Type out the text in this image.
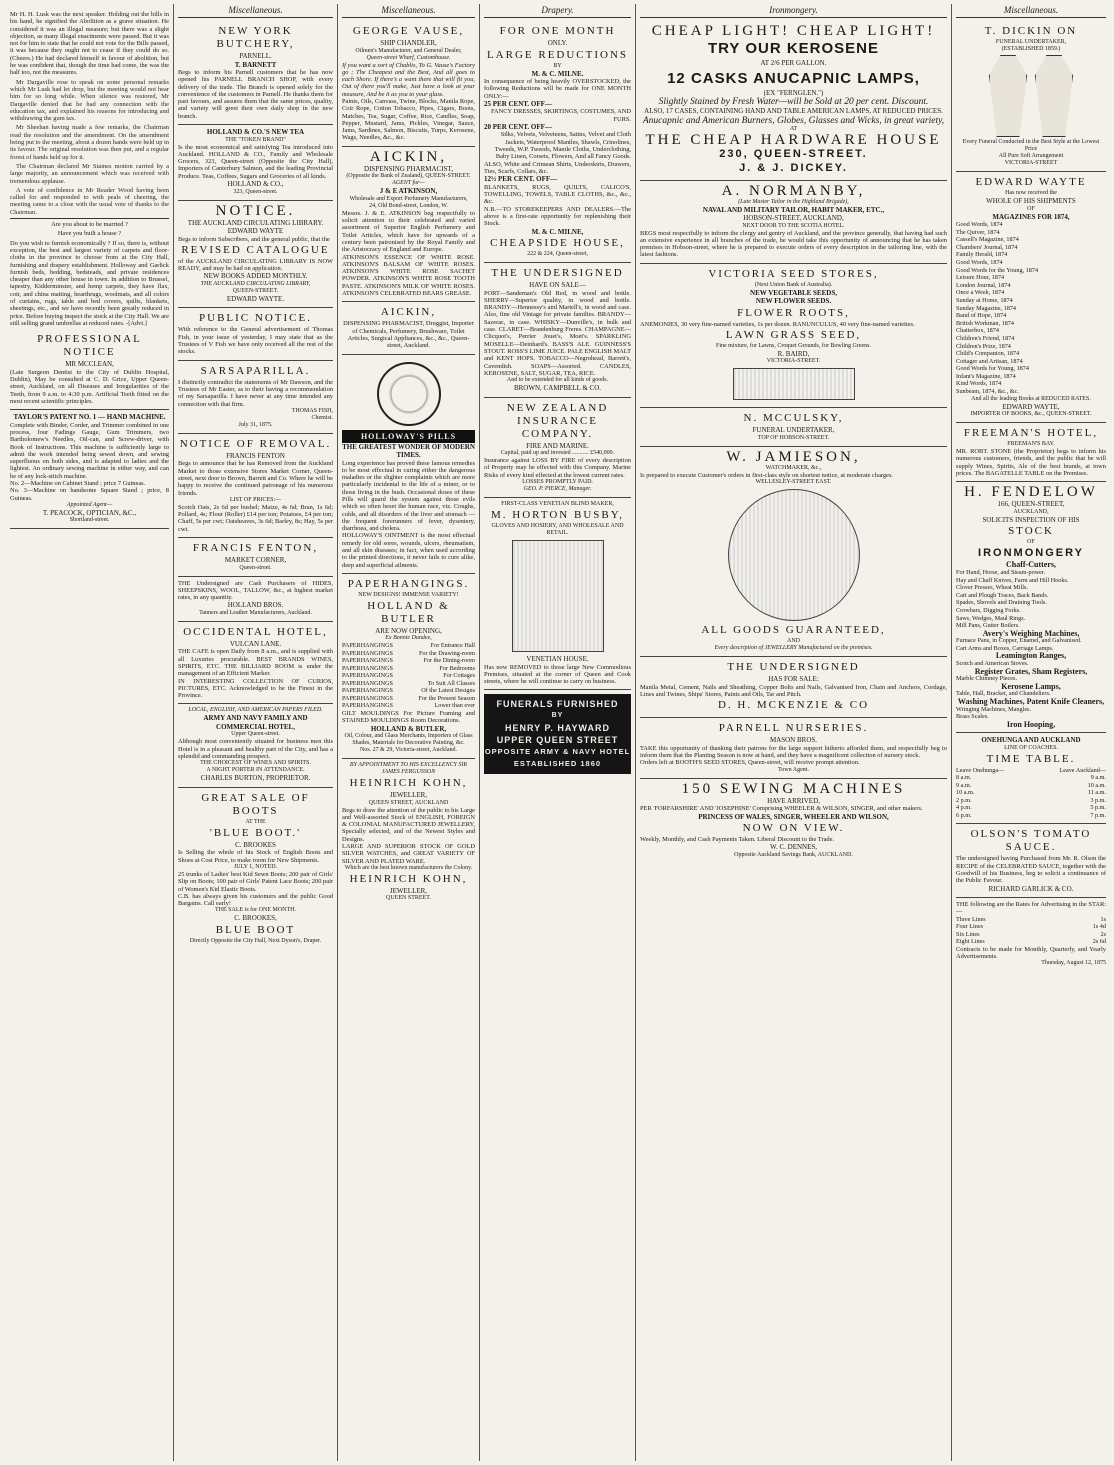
Mr H. H. Lusk was the next speaker. Holding out the bills in his hand, he signified the Abolition as a grave situation. He considered it was an illegal measure; but there was a slight objection, as many illegal enactments were passed. But it was not for him to state that he could not vote for the Bills passed, it was because they ought not to cease if they could do so. (Cheers.) He had declared himself in favour of abolition, but he was confident that, though the time had come, the was the half too, not the measures.

Mr Dargaville rose to speak on some personal remarks which Mr Lusk had let drop, but the meeting would not hear him for so long while. When silence was restored, Mr Dargaville denied that he had any connection with the education tax, and explained his reasons for introducing and withdrawing the gum tax.

Mr Sheehan having made a few remarks, the Chairman read the resolution and the amendment. On the amendment being put to the meeting, about a dozen hands were held up in its favour. The original resolution was then put, and a regular forest of hands held up for it.

The Chairman declared Mr Staines motion carried by a large majority, an announcement which was received with tremendous applause.

A vote of confidence in Mr Reader Wood having been called for and responded to with peals of cheering, the meeting came to a close with the usual vote of thanks to the Chairman.

Are you about to be married ?

Have you built a house ?

Do you wish to furnish economically ? If so, there is, without exception, the best and largest variety of carpets and floor-cloths in the province to choose from at the City Hall, furnishing and drapery establishment. Holloway and Garlick furnish beds, bedding, bedsteads, and private residences cheaper than any other house in town. In addition to Brussel, tapestry, Kidderminster, and hemp carpets, they have flax, coir, and china matting, hearthrugs, woolmats, and all colors of curtains, rugs, table and bed covers, quilts, blankets, sheetings, etc., and we have recently been greatly reduced in price. Before buying inspect the stock at the City Hall. We are still selling grand umbrellas at reduced rates. -[Advt.]

PROFESSIONAL NOTICE
MR MCCLEAN,
(Late Surgeon Dentist to the City of Dublin Hospital, Dublin), May be consulted at C. D. Grice, Upper Queen-street, Auckland, on all Diseases and Irregularities of the Teeth, from 9 a.m. to 4:30 p.m. Artificial Teeth fitted on the most recent scientific principles.
TAYLOR'S PATENT NO. 1 — HAND MACHINE.
Complete with Binder, Corder, and Trimmer combined in one process, four Fadings Gauge, Gum Trimmers, two Bartholomew's Needles, Oil-can, and Screw-driver, with Book of Instructions. This machine is sufficiently large to admit the work intended being sewed down, and sewing superfluous on both sides, and is adapted to ladies and the lightest. An ordinary sewing machine in either way, and can be of any lock-stitch machine.
No. 2—Machine on Cabinet Stand ; price 7 Guineas.
No. 3—Machine on handsome Square Stand ; price, 8 Guineas.
Appointed Agent—
T. PEACOCK, OPTICIAN, &C.,
Shortland-street.
Miscellaneous.
NEW YORK BUTCHERY,
PARNELL.
T. BARNETT
Begs to inform his Parnell customers that he has now opened his PARNELL BRANCH SHOP, with every delivery of the trade. The Branch is opened solely for the convenience of the customers in Parnell. He thanks them for past favours, and assures them that the same prices, quality, and variety will greet their own daily shop in the new branch.
HOLLAND & CO.'S NEW TEA
THE "TOKEN BRAND"
Is the most economical and satisfying Tea introduced into Auckland. HOLLAND & CO., Family and Wholesale Grocers, 323, Queen-street (Opposite the City Hall), Importers of Canterbury Salmon, and the leading Provincial Produce. Teas, Coffees, Sugars and Groceries of all kinds.
HOLLAND & CO.,
323, Queen-street.
NOTICE.
THE AUCKLAND CIRCULATING LIBRARY.
EDWARD WAYTE
Begs to inform Subscribers, and the general public, that the
REVISED CATALOGUE
of the AUCKLAND CIRCULATING LIBRARY IS NOW READY, and may be had on application.
NEW BOOKS ADDED MONTHLY.
THE AUCKLAND CIRCULATING LIBRARY,
QUEEN-STREET.
EDWARD WAYTE.
PUBLIC NOTICE.
With reference to the General advertisement of Thomas Fish, in your issue of yesterday, I may state that as the Trustees of V Fish we have only received all the rest of the stocks.
SARSAPARILLA.
I distinctly contradict the statements of Mr Dawson, and the Trustees of Mr Easter, as to their having a recommendation of my Sarsaparilla. I have never at any time intended any connection with that firm.
THOMAS FISH,
Chemist.
July 31, 1875.
NOTICE OF REMOVAL.
FRANCIS FENTON
Begs to announce that he has Removed from the Auckland Market to those extensive Stores Market Corner, Queen-street, next door to Brown, Barrett and Co. Where he will be happy to receive the continued patronage of his numerous friends.
LIST OF PRICES:—
Scotch Oats, 2s 6d per bushel; Maize, 4s 6d; Bran, 1s 6d; Pollard, 4s; Flour (Roller) £14 per ton; Potatoes, £4 per ton; Chaff, 5s per cwt; Oatsheaves, 3s 6d; Barley, 8s; Hay, 5s per cwt.
FRANCIS FENTON,
MARKET CORNER,
Queen-street.
THE Undersigned are Cash Purchasers of HIDES, SHEEPSKINS, WOOL, TALLOW, &c., at highest market rates, in any quantity.
HOLLAND BROS.
Tanners and Leather Manufacturers, Auckland.
OCCIDENTAL HOTEL,
VULCAN LANE.
THE CAFE is open Daily from 8 a.m., and is supplied with all Luxuries procurable. BEST BRANDS WINES, SPIRITS, ETC. THE BILLIARD ROOM is under the management of an Efficient Marker.
IN INTERESTING COLLECTION OF CURIOS, PICTURES, ETC. Acknowledged to be the Finest in the Province.
LOCAL, ENGLISH, AND AMERICAN PAPERS FILED.
ARMY AND NAVY FAMILY AND COMMERCIAL HOTEL,
Upper Queen-street.
Although most conveniently situated for business men this Hotel is in a pleasant and healthy part of the City, and has a splendid and commanding prospect.
THE CHOICEST OF WINES AND SPIRITS.
A NIGHT PORTER IN ATTENDANCE.
CHARLES BURTON, PROPRIETOR.
GREAT SALE OF BOOTS
AT THE
'BLUE BOOT.'
C. BROOKES
Is Selling the whole of his Stock of English Boots and Shoes at Cost Price, to make room for New Shipments.
JULY 1, NOTED.
25 trunks of Ladies' best Kid Sewn Boots; 200 pair of Girls' Slip on Boots; 100 pair of Girls' Patent Lace Boots; 200 pair of Women's Kid Elastic Boots.
C.B. has always given his customers and the public Good Bargains. Call early!
THE SALE is for ONE MONTH.
C. BROOKES,
BLUE BOOT
Directly Opposite the City Hall, Next Dyson's, Draper.
Miscellaneous.
GEORGE VAUSE,
SHIP CHANDLER,
Oilmen's Manufacturer, and General Dealer,
Queen-street Wharf, Customhouse.
If you want a sort of Chablis, To G. Vause's Factory go ; The Cheapest and the Best, And all goes to each Shore. If there's a want there that will fit you, Out of there you'll make, Just have a look at your measure, And be it as you to your glass.
Paints, Oils, Canvass, Twine, Blocks, Manila Rope, Coir Rope, Cotton Tobacco, Pipes, Cigars, Boots, Matches, Tea, Sugar, Coffee, Rice, Candles, Soap, Pepper, Mustard, Jams, Pickles, Vinegar, Sauce, Jams, Sardines, Salmon, Biscuits, Turps, Kerosene, Wags, Needles, &c., &c.
AICKIN,
DISPENSING PHARMACIST,
(Opposite the Bank of Zealand), QUEEN-STREET.
AGENT for—
J & E ATKINSON,
Wholesale and Export Perfumery Manufacturers,
24, Old Bond-street, London, W.
Messrs. J. & E. ATKINSON beg respectfully to solicit attention to their celebrated and varied assortment of Superior English Perfumery and Toilet Articles, which have for upwards of a century been patronised by the Royal Family and the Aristocracy of England and Europe.
ATKINSON'S ESSENCE OF WHITE ROSE. ATKINSON'S BALSAM OF WHITE ROSES. ATKINSON'S WHITE ROSE SACHET POWDER. ATKINSON'S WHITE ROSE TOOTH PASTE. ATKINSON'S MILK OF WHITE ROSES. ATKINSON'S CELEBRATED BEARS GREASE.
AICKIN,
DISPENSING PHARMACIST, Druggist, Importer of Chemicals, Perfumery, Brushware, Toilet Articles, Surgical Appliances, &c., &c., Queen-street, Auckland.
HOLLOWAY'S PILLS
THE GREATEST WONDER OF MODERN TIMES.
Long experience has proved these famous remedies to be most effectual in curing either the dangerous maladies or the slighter complaints which are more particularly incidental to the life of a miner, or to those living in the bush. Occasional doses of these Pills will guard the system against those evils which so often beset the human race, viz. Coughs, colds, and all disorders of the liver and stomach — the frequent forerunners of fever, dysentery, diarrhoea, and cholera.
HOLLOWAY'S OINTMENT is the most effectual remedy for old sores, wounds, ulcers, rheumatism, and all skin diseases; in fact, when used according to the printed directions, it never fails to cure alike, deep and superficial ailments.
PAPERHANGINGS.
NEW DESIGNS! IMMENSE VARIETY!
HOLLAND & BUTLER
ARE NOW OPENING,
Ex Bonnie Dundee,
PAPERHANGINGS	For Entrance Hall
PAPERHANGINGS	For the Drawing-room
PAPERHANGINGS	For the Dining-room
PAPERHANGINGS	For Bedrooms
PAPERHANGINGS	For Cottages
PAPERHANGINGS	To Suit All Classes
PAPERHANGINGS	Of the Latest Designs
PAPERHANGINGS	For the Present Season
PAPERHANGINGS	Lower than ever
GILT MOULDINGS For Picture Framing and STAINED MOULDINGS Room Decorations.
HOLLAND & BUTLER,
Oil, Colour, and Glass Merchants, Importers of Glass Shades, Materials for Decorative Painting, &c.
Nos. 27 & 29, Victoria-street, Auckland.
BY APPOINTMENT TO HIS EXCELLENCY SIR JAMES FERGUSSON
HEINRICH KOHN,
JEWELLER,
QUEEN STREET, AUCKLAND
Begs to draw the attention of the public to his Large and Well-assorted Stock of ENGLISH, FOREIGN & COLONIAL MANUFACTURED JEWELLERY, Specially selected, and of the Newest Styles and Designs.
LARGE AND SUPERIOR STOCK OF GOLD SILVER WATCHES, and GREAT VARIETY OF SILVER AND PLATED WARE.
Which are the best known manufacturers the Colony.
HEINRICH KOHN,
JEWELLER,
QUEEN STREET.
Drapery.
FOR ONE MONTH
ONLY.
LARGE REDUCTIONS
BY
M. & C. MILNE.
In consequence of being heavily OVERSTOCKED, the following Reductions will be made for ONE MONTH ONLY:—
25 PER CENT. OFF—
FANCY DRESSES, SKIRTINGS, COSTUMES, AND FURS.
20 PER CENT. OFF—
Silks, Velvets, Velveteens, Satins, Velvet and Cloth Jackets, Waterproof Mantles, Shawls, Crinolines, Tweeds, W.P. Tweeds, Mantle Cloths, Underclothing, Baby Linen, Corsets, Flowers, And all Fancy Goods.
ALSO, White and Crimean Shirts, Underskirts, Drawers, Ties, Scarfs, Collars, &c.
12½ PER CENT. OFF—
BLANKETS, RUGS, QUILTS, CALICO'S, TOWELLING, TOWELS, TABLE CLOTHS, &c., &c., &c.
N.B.—TO STOREKEEPERS AND DEALERS.—The above is a first-rate opportunity for replenishing their Stock.
M. & C. MILNE,
CHEAPSIDE HOUSE,
222 & 224, Queen-street,
THE UNDERSIGNED
HAVE ON SALE—
PORT—Sandeman's Old Red, in wood and bottle. SHERRY—Superior quality, in wood and bottle. BRANDY—Hennessy's and Martell's, in wood and case. Also, fine old Vintage for private families. BRANDY—Sazerac, in case. WHISKY—Dunville's, in bulk and case. CLARET—Brandenburg Freres. CHAMPAGNE—Clicquot's, Perrier Jouet's, Moet's. SPARKLING MOSELLE—Deinhard's. BASS'S ALE. GUINNESS'S STOUT. ROSS'S LIME JUICE. PALE ENGLISH MALT and KENT HOPS. TOBACCO—Negrohead, Barrett's, Cavendish. SOAPS—Assorted. CANDLES, KEROSENE, SALT, SUGAR, TEA, RICE.
And to be extended for all kinds of goods.
BROWN, CAMPBELL & CO.
NEW ZEALAND INSURANCE COMPANY.
FIRE AND MARINE.
Capital, paid up and invested ........... £540,000.
Insurance against LOSS BY FIRE of every description of Property may be effected with this Company. Marine Risks of every kind effected at the lowest current rates.
LOSSES PROMPTLY PAID.
GEO. P. PIERCE, Manager.
FIRST-CLASS VENETIAN BLIND MAKER,
M. HORTON BUSBY,
GLOVES AND HOSIERY, AND WHOLESALE AND RETAIL.
VENETIAN HOUSE.
Has now REMOVED to those large New Commodious Premises, situated at the corner of Queen and Cook streets, where he will continue to carry on business.
FUNERALS FURNISHED
BY
HENRY P. HAYWARD
UPPER QUEEN STREET
OPPOSITE ARMY & NAVY HOTEL
ESTABLISHED 1860
Ironmongery.
CHEAP LIGHT! CHEAP LIGHT!
TRY OUR KEROSENE
AT 2/6 PER GALLON.
12 CASKS ANUCAPNIC LAMPS,
(EX "FERNGLEN.")
Slightly Stained by Fresh Water—will be Sold at 20 per cent. Discount.
ALSO, 17 CASES, CONTAINING HAND AND TABLE AMERICAN LAMPS, AT REDUCED PRICES.
Anucapnic and American Burners, Globes, Glasses and Wicks, in great variety,
AT
THE CHEAP HARDWARE HOUSE
230, QUEEN-STREET.
J. & J. DICKEY.
A. NORMANBY,
(Late Master Tailor in the Highland Brigade),
NAVAL AND MILITARY TAILOR, HABIT MAKER, ETC.,
HOBSON-STREET, AUCKLAND,
NEXT DOOR TO THE SCOTIA HOTEL.
BEGS most respectfully to inform the clergy and gentry of Auckland, and the province generally, that having had such an extensive experience in all branches of the trade, he would take this opportunity of announcing that he has taken premises in Hobson-street, where he is prepared to execute orders of every description in the tailoring line, with the latest fashions.
VICTORIA SEED STORES,
(Next Union Bank of Australia).
NEW VEGETABLE SEEDS,
NEW FLOWER SEEDS.
FLOWER ROOTS,
ANEMONIES, 30 very fine-named varieties, 1s per dozen. RANUNCULUS, 40 very fine-named varieties.
LAWN GRASS SEED,
Fine mixture, for Lawns, Croquet Grounds, for Bowling Greens.
R. BAIRD,
VICTORIA-STREET.
N. MCCULSKY,
FUNERAL UNDERTAKER,
TOP OF HOBSON-STREET.
W. JAMIESON,
WATCHMAKER, &c.,
Is prepared to execute Customer's orders in first-class style on shortest notice, at moderate charges.
WELLESLEY-STREET EAST.
ALL GOODS GUARANTEED,
AND
Every description of JEWELLERY Manufactured on the premises.
THE UNDERSIGNED
HAS FOR SALE:
Manila Metal, Cement, Nails and Sheathing, Copper Bolts and Nails, Galvanised Iron, Chain and Anchors, Cordage, Lines and Twines, Ships' Stores, Paints and Oils, Tar and Pitch.
D. H. MCKENZIE & CO
PARNELL NURSERIES.
MASON BROS.
TAKE this opportunity of thanking their patrons for the large support hitherto afforded them, and respectfully beg to inform them that the Planting Season is now at hand, and they have a magnificent collection of nursery stock.
Orders left at BOOTH'S SEED STORES, Queen-street, will receive prompt attention.
Town Agent.
150 SEWING MACHINES
HAVE ARRIVED,
PER 'FORFARSHIRE' AND 'JOSEPHINE' Comprising WHEELER & WILSON, SINGER, and other makers.
PRINCESS OF WALES, SINGER, WHEELER AND WILSON,
NOW ON VIEW.
Weekly, Monthly, and Cash Payments Taken. Liberal Discount to the Trade.
W. C. DENNES,
Opposite Auckland Savings Bank, AUCKLAND.
Miscellaneous.
T. DICKIN ON
FUNERAL UNDERTAKER,
(ESTABLISHED 1859.)
Every Funeral Conducted in the Best Style at the Lowest Price
All Pure Soft Arrangement
VICTORIA-STREET
EDWARD WAYTE
Has now received the
WHOLE OF HIS SHIPMENTS
OF
MAGAZINES FOR 1874,
Good Words, 1874
The Quiver, 1874
Cassell's Magazine, 1874
Chambers' Journal, 1874
Family Herald, 1874
Good Words, 1874
Good Words for the Young, 1874
Leisure Hour, 1874
London Journal, 1874
Once a Week, 1874
Sunday at Home, 1874
Sunday Magazine, 1874
Band of Hope, 1874
British Workman, 1874
Chatterbox, 1874
Children's Friend, 1874
Children's Prize, 1874
Child's Companion, 1874
Cottager and Artisan, 1874
Good Words for Young, 1874
Infant's Magazine, 1874
Kind Words, 1874
Sunbeam, 1874, &c., &c.
And all the leading Books at REDUCED RATES.
EDWARD WAYTE,
IMPORTER OF BOOKS, &c., QUEEN-STREET.
FREEMAN'S HOTEL,
FREEMAN'S BAY.
MR. ROBT. STONE (the Proprietor) begs to inform his numerous customers, friends, and the public that he will supply Wines, Spirits, Ale of the best brands, at town prices. The BAGATELLE TABLE on the Premises.
H. FENDELOW
166, QUEEN-STREET,
AUCKLAND,
SOLICITS INSPECTION OF HIS
STOCK
OF
IRONMONGERY
Chaff-Cutters,
For Hand, Horse, and Steam-power.
Hay and Chaff Knives, Farm and Hill Hooks.
Clover Presses, Wheat Mills.
Cart and Plough Traces, Back Bands.
Spades, Shovels and Draining Tools.
Crowbars, Digging Forks.
Saws, Wedges, Maul Rings.
Mill Pans, Gutter Boilers.
Avery's Weighing Machines,
Furnace Pans, in Copper, Enamel, and Galvanised.
Cart Arms and Boxes, Carriage Lamps.
Leamington Ranges,
Scotch and American Stoves.
Register Grates, Sham Registers,
Marble Chimney Pieces.
Kerosene Lamps,
Table, Hall, Bracket, and Chandeliers.
Washing Machines, Patent Knife Cleaners,
Wringing Machines, Mangles.
Brass Scales.
Iron Hooping,
ONEHUNGA AND AUCKLAND
LINE OF COACHES.
TIME TABLE.
Leave Onehunga—	Leave Auckland—
8 a.m.	9 a.m.
9 a.m.	10 a.m.
10 a.m.	11 a.m.
2 p.m.	3 p.m.
4 p.m.	5 p.m.
6 p.m.	7 p.m.
OLSON'S TOMATO SAUCE.
The undersigned having Purchased from Mr. R. Olson the RECIPE of the CELEBRATED SAUCE, together with the Goodwill of his Business, beg to solicit a continuance of the Public Favour.
RICHARD GARLICK & CO.
THE following are the Rates for Advertising in the STAR:—
Three Lines	1s
Four Lines	1s 4d
Six Lines	2s
Eight Lines	2s 6d
Contracts to be made for Monthly, Quarterly, and Yearly Advertisements.
Thursday, August 12, 1875
